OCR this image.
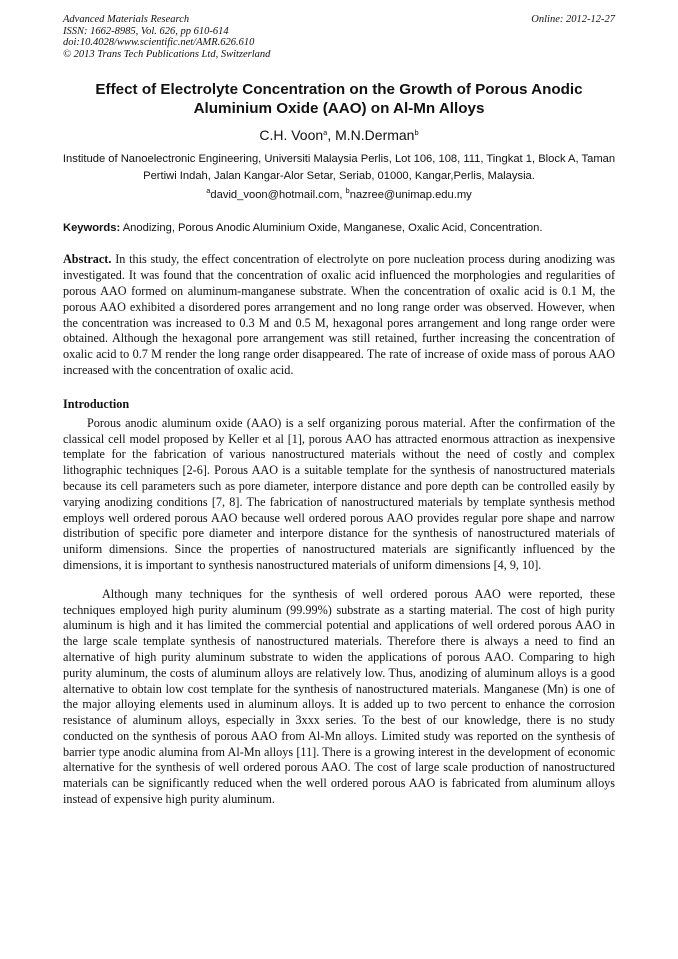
Advanced Materials Research
ISSN: 1662-8985, Vol. 626, pp 610-614
doi:10.4028/www.scientific.net/AMR.626.610
© 2013 Trans Tech Publications Ltd, Switzerland
Online: 2012-12-27
Effect of Electrolyte Concentration on the Growth of Porous Anodic Aluminium Oxide (AAO) on Al-Mn Alloys
C.H. Voon$^a$, M.N.Derman$^b$
Institude of Nanoelectronic Engineering, Universiti Malaysia Perlis, Lot 106, 108, 111, Tingkat 1, Block A, Taman Pertiwi Indah, Jalan Kangar-Alor Setar, Seriab, 01000, Kangar,Perlis, Malaysia.
$^a$david_voon@hotmail.com, $^b$nazree@unimap.edu.my
Keywords: Anodizing, Porous Anodic Aluminium Oxide, Manganese, Oxalic Acid, Concentration.

Abstract. In this study, the effect concentration of electrolyte on pore nucleation process during anodizing was investigated. It was found that the concentration of oxalic acid influenced the morphologies and regularities of porous AAO formed on aluminum-manganese substrate. When the concentration of oxalic acid is 0.1 M, the porous AAO exhibited a disordered pores arrangement and no long range order was observed. However, when the concentration was increased to 0.3 M and 0.5 M, hexagonal pores arrangement and long range order were obtained. Although the hexagonal pore arrangement was still retained, further increasing the concentration of oxalic acid to 0.7 M render the long range order disappeared. The rate of increase of oxide mass of porous AAO increased with the concentration of oxalic acid.

Introduction

Porous anodic aluminum oxide (AAO) is a self organizing porous material. After the confirmation of the classical cell model proposed by Keller et al [1], porous AAO has attracted enormous attraction as inexpensive template for the fabrication of various nanostructured materials without the need of costly and complex lithographic techniques [2-6]. Porous AAO is a suitable template for the synthesis of nanostructured materials because its cell parameters such as pore diameter, interpore distance and pore depth can be controlled easily by varying anodizing conditions [7, 8]. The fabrication of nanostructured materials by template synthesis method employs well ordered porous AAO because well ordered porous AAO provides regular pore shape and narrow distribution of specific pore diameter and interpore distance for the synthesis of nanostructured materials of uniform dimensions. Since the properties of nanostructured materials are significantly influenced by the dimensions, it is important to synthesis nanostructured materials of uniform dimensions [4, 9, 10].

Although many techniques for the synthesis of well ordered porous AAO were reported, these techniques employed high purity aluminum (99.99%) substrate as a starting material. The cost of high purity aluminum is high and it has limited the commercial potential and applications of well ordered porous AAO in the large scale template synthesis of nanostructured materials. Therefore there is always a need to find an alternative of high purity aluminum substrate to widen the applications of porous AAO. Comparing to high purity aluminum, the costs of aluminum alloys are relatively low. Thus, anodizing of aluminum alloys is a good alternative to obtain low cost template for the synthesis of nanostructured materials. Manganese (Mn) is one of the major alloying elements used in aluminum alloys. It is added up to two percent to enhance the corrosion resistance of aluminum alloys, especially in 3xxx series. To the best of our knowledge, there is no study conducted on the synthesis of porous AAO from Al-Mn alloys. Limited study was reported on the synthesis of barrier type anodic alumina from Al-Mn alloys [11]. There is a growing interest in the development of economic alternative for the synthesis of well ordered porous AAO. The cost of large scale production of nanostructured materials can be significantly reduced when the well ordered porous AAO is fabricated from aluminum alloys instead of expensive high purity aluminum.
